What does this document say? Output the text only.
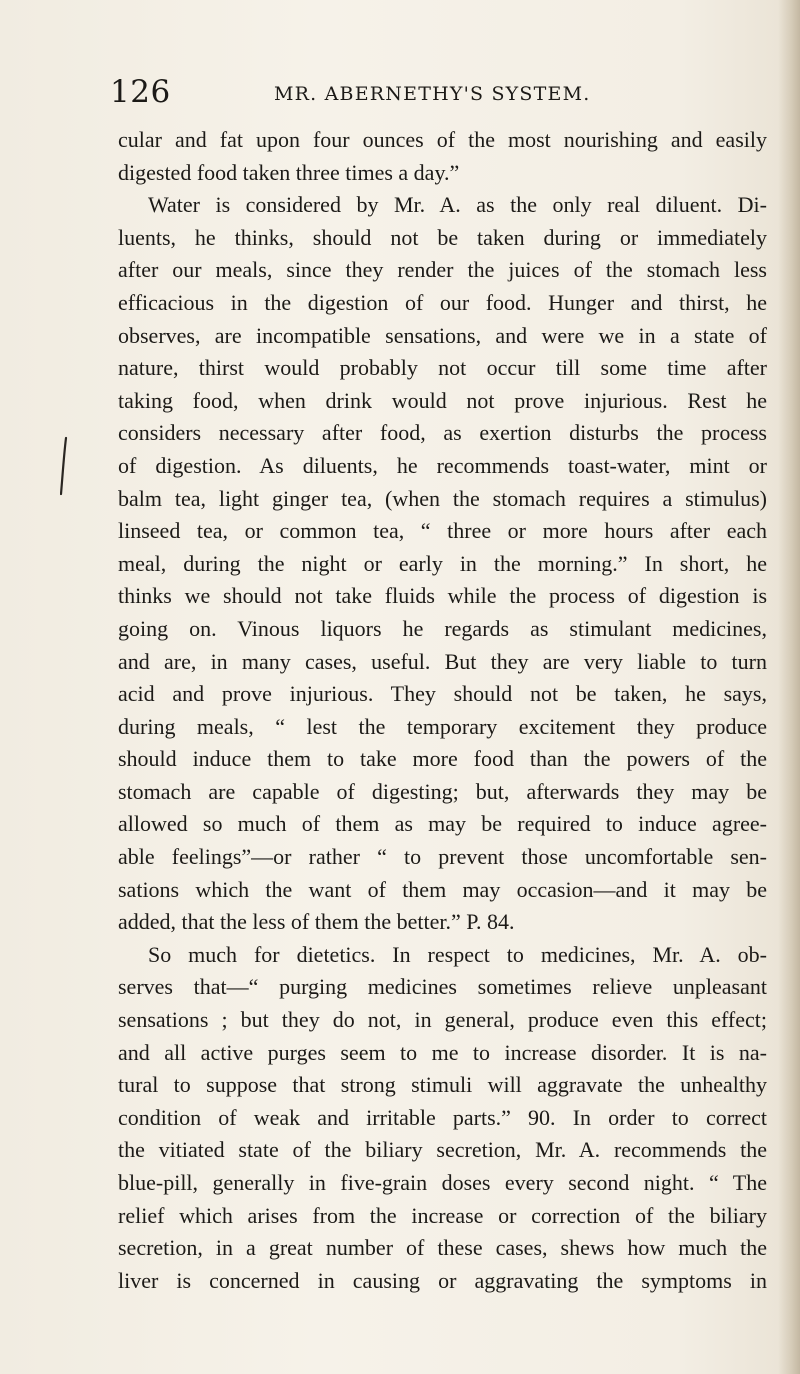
126	MR. ABERNETHY'S SYSTEM.
cular and fat upon four ounces of the most nourishing and easily
digested food taken three times a day.”
Water is considered by Mr. A. as the only real diluent. Di-
luents, he thinks, should not be taken during or immediately
after our meals, since they render the juices of the stomach less
efficacious in the digestion of our food. Hunger and thirst, he
observes, are incompatible sensations, and were we in a state of
nature, thirst would probably not occur till some time after
taking food, when drink would not prove injurious. Rest he
considers necessary after food, as exertion disturbs the process
of digestion. As diluents, he recommends toast-water, mint or
balm tea, light ginger tea, (when the stomach requires a stimulus)
linseed tea, or common tea, “ three or more hours after each
meal, during the night or early in the morning.” In short, he
thinks we should not take fluids while the process of digestion is
going on. Vinous liquors he regards as stimulant medicines,
and are, in many cases, useful. But they are very liable to turn
acid and prove injurious. They should not be taken, he says,
during meals, “ lest the temporary excitement they produce
should induce them to take more food than the powers of the
stomach are capable of digesting; but, afterwards they may be
allowed so much of them as may be required to induce agree-
able feelings”—or rather “ to prevent those uncomfortable sen-
sations which the want of them may occasion—and it may be
added, that the less of them the better.” P. 84.
So much for dietetics. In respect to medicines, Mr. A. ob-
serves that—“ purging medicines sometimes relieve unpleasant
sensations ; but they do not, in general, produce even this effect;
and all active purges seem to me to increase disorder. It is na-
tural to suppose that strong stimuli will aggravate the unhealthy
condition of weak and irritable parts.” 90. In order to correct
the vitiated state of the biliary secretion, Mr. A. recommends the
blue-pill, generally in five-grain doses every second night. “ The
relief which arises from the increase or correction of the biliary
secretion, in a great number of these cases, shews how much the
liver is concerned in causing or aggravating the symptoms in
